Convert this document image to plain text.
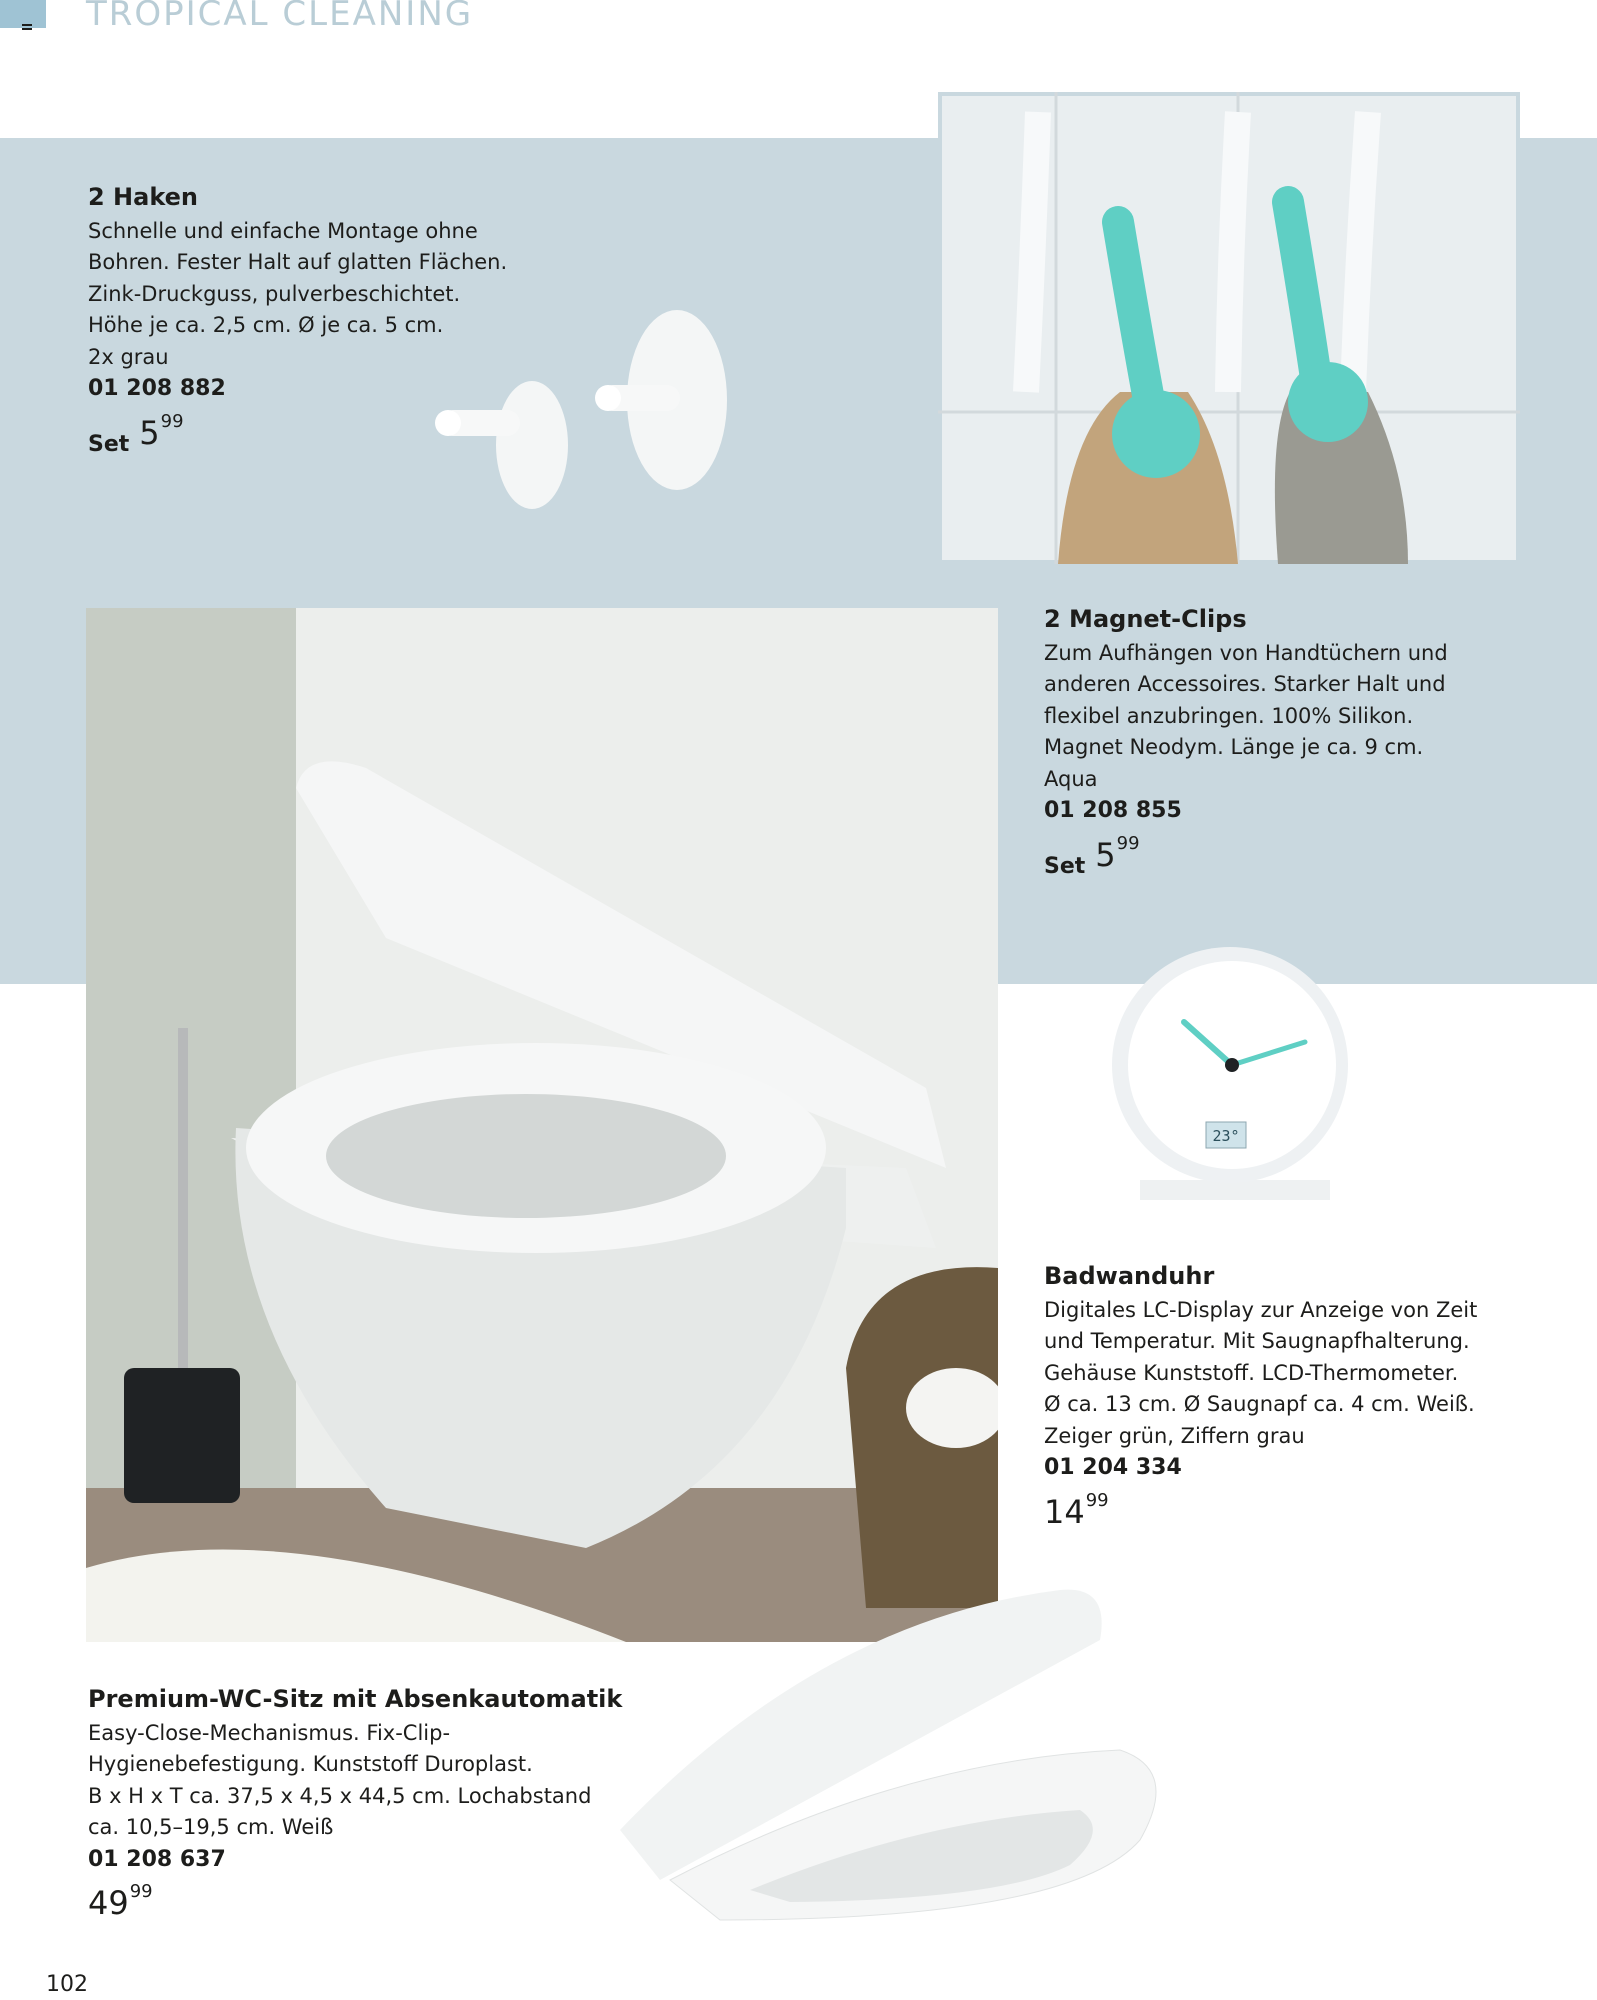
TROPICAL CLEANING
23°
2 Haken
Schnelle und einfache Montage ohne
Bohren. Fester Halt auf glatten Flächen.
Zink-Druckguss, pulverbeschichtet.
Höhe je ca. 2,5 cm. Ø je ca. 5 cm.
2x grau
01 208 882
Set 5 99
2 Magnet-Clips
Zum Aufhängen von Handtüchern und
anderen Accessoires. Starker Halt und
flexibel anzubringen. 100% Silikon.
Magnet Neodym. Länge je ca. 9 cm.
Aqua
01 208 855
Set 5 99
Badwanduhr
Digitales LC-Display zur Anzeige von Zeit
und Temperatur. Mit Saugnapfhalterung.
Gehäuse Kunststoff. LCD-Thermometer.
Ø ca. 13 cm. Ø Saugnapf ca. 4 cm. Weiß.
Zeiger grün, Ziffern grau
01 204 334
14 99
Premium-WC-Sitz mit Absenkautomatik
Easy-Close-Mechanismus. Fix-Clip-
Hygienebefestigung. Kunststoff Duroplast.
B x H x T ca. 37,5 x 4,5 x 44,5 cm. Lochabstand
ca. 10,5–19,5 cm. Weiß
01 208 637
49 99
102
